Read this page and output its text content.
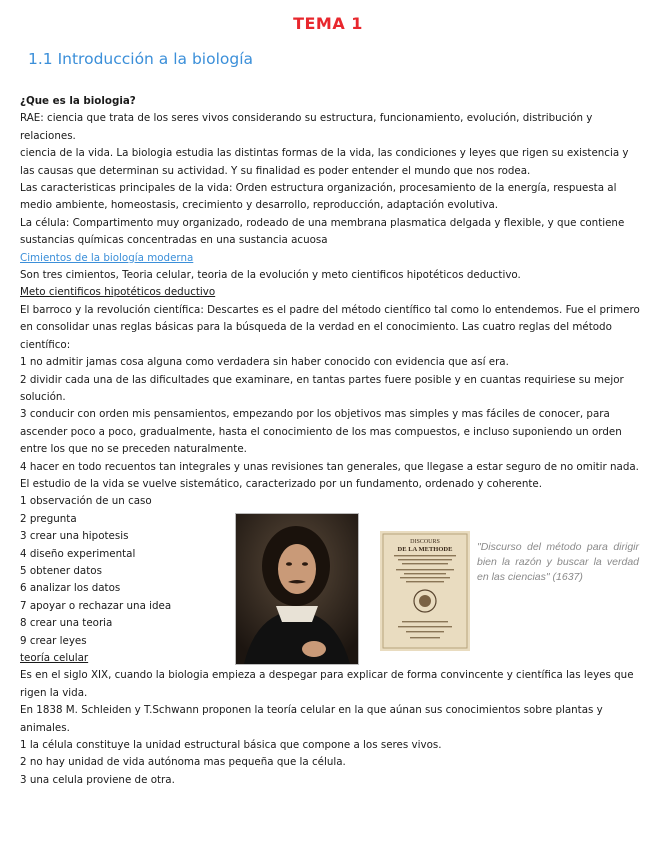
TEMA 1
1.1 Introducción a la biología

¿Que es la biologia?

RAE: ciencia que trata de los seres vivos considerando su estructura, funcionamiento, evolución, distribución y relaciones.

ciencia de la vida. La biologia estudia las distintas formas de la vida, las condiciones y leyes que rigen su existencia y las causas que determinan su actividad. Y su finalidad es poder entender el mundo que nos rodea.

Las caracteristicas principales de la vida: Orden estructura organización, procesamiento de la energía, respuesta al medio ambiente, homeostasis, crecimiento y desarrollo, reproducción, adaptación evolutiva.

La célula: Compartimento muy organizado, rodeado de una membrana plasmatica delgada y flexible, y que contiene sustancias químicas concentradas en una sustancia acuosa

Cimientos de la biología moderna

Son tres cimientos, Teoria celular, teoria de la evolución y meto cientificos hipotéticos deductivo.

Meto cientificos hipotéticos deductivo

El barroco y la revolución científica: Descartes es el padre del método científico tal como lo entendemos. Fue el primero en consolidar unas reglas básicas para la búsqueda de la verdad en el conocimiento. Las cuatro reglas del método científico:

1 no admitir jamas cosa alguna como verdadera sin haber conocido con evidencia que así era.

2 dividir cada una de las dificultades que examinare, en tantas partes fuere posible y en cuantas requiriese su mejor solución.

3 conducir con orden mis pensamientos, empezando por los objetivos mas simples y mas fáciles de conocer, para ascender poco a poco, gradualmente, hasta el conocimiento de los mas compuestos, e incluso suponiendo un orden entre los que no se preceden naturalmente.

4 hacer en todo recuentos tan integrales y unas revisiones tan generales, que llegase a estar seguro de no omitir nada.

El estudio de la vida se vuelve sistemático, caracterizado por un fundamento, ordenado y coherente.

1 observación de un caso

2 pregunta

3 crear una hipotesis

4 diseño experimental

5 obtener datos

6 analizar los datos

7 apoyar o rechazar una idea

8 crear una teoria

9 crear leyes

teoría celular

Es en el siglo XIX, cuando la biologia empieza a despegar para explicar de forma convincente y científica las leyes que rigen la vida.

En 1838 M. Schleiden y T.Schwann proponen la teoría celular en la que aúnan sus conocimientos sobre plantas y animales.

1 la célula constituye la unidad estructural básica que compone a los seres vivos.

2 no hay unidad de vida autónoma mas pequeña que la célula.

3 una celula proviene de otra.

DISCOURS
DE LA METHODE "Discurso del método para dirigir bien la razón y buscar la verdad en las ciencias" (1637)
